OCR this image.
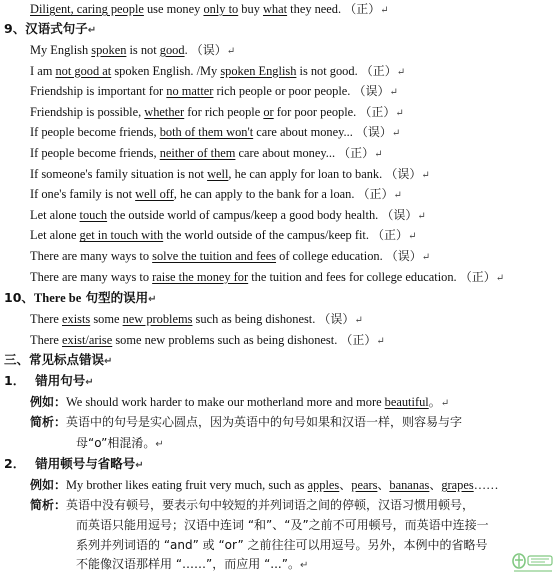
Diligent, caring people use money only to buy what they need. （正）↵
9、汉语式句子↵
My English spoken is not good. （误）↵
I am not good at spoken English. /My spoken English is not good. （正）↵
Friendship is important for no matter rich people or poor people. （误）↵
Friendship is possible, whether for rich people or for poor people. （正）↵
If people become friends, both of them won't care about money... （误）↵
If people become friends, neither of them care about money... （正）↵
If someone's family situation is not well, he can apply for loan to bank. （误）↵
If one's family is not well off, he can apply to the bank for a loan. （正）↵
Let alone touch the outside world of campus/keep a good body health. （误）↵
Let alone get in touch with the world outside of the campus/keep fit. （正）↵
There are many ways to solve the tuition and fees of college education. （误）↵
There are many ways to raise the money for the tuition and fees for college education. （正）↵
10、There be 句型的误用↵
There exists some new problems such as being dishonest. （误）↵
There exist/arise some new problems such as being dishonest. （正）↵
三、常见标点错误↵
1． 错用句号↵
例如：We should work harder to make our motherland more and more beautiful。↵
简析：英语中的句号是实心圆点，因为英语中的句号如果和汉语一样，则容易与字
母“o”相混淆。↵
2． 错用顿号与省略号↵
例如：My brother likes eating fruit very much, such as apples、pears、bananas、grapes……
简析：英语中没有顿号，要表示句中较短的并列词语之间的停顿，汉语习惯用顿号，
而英语只能用逗号；汉语中连词 “和”、“及”之前不可用顿号，而英语中连接一
系列并列词语的 “and” 或 “or” 之前往往可以用逗号。另外，本例中的省略号
不能像汉语那样用 “……”，而应用 “...”。↵
